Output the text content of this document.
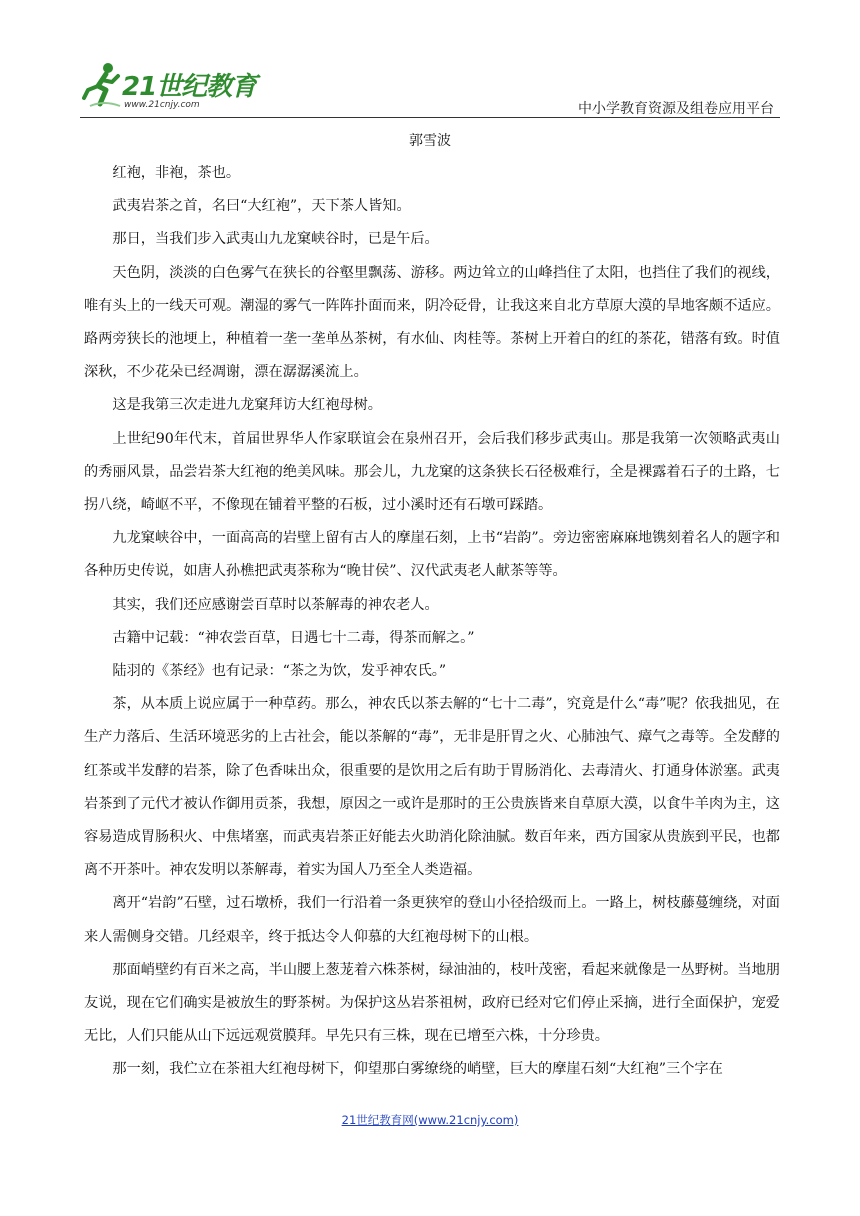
21世纪教育
www.21cnjy.com	中小学教育资源及组卷应用平台
郭雪波

红袍，非袍，茶也。

武夷岩茶之首，名曰“大红袍”，天下茶人皆知。

那日，当我们步入武夷山九龙窠峡谷时，已是午后。

天色阴，淡淡的白色雾气在狭长的谷壑里飘荡、游移。两边耸立的山峰挡住了太阳，也挡住了我们的视线，唯有头上的一线天可观。潮湿的雾气一阵阵扑面而来，阴冷砭骨，让我这来自北方草原大漠的旱地客颇不适应。路两旁狭长的池埂上，种植着一垄一垄单丛茶树，有水仙、肉桂等。茶树上开着白的红的茶花，错落有致。时值深秋，不少花朵已经凋谢，漂在潺潺溪流上。

这是我第三次走进九龙窠拜访大红袍母树。

上世纪90年代末，首届世界华人作家联谊会在泉州召开，会后我们移步武夷山。那是我第一次领略武夷山的秀丽风景，品尝岩茶大红袍的绝美风味。那会儿，九龙窠的这条狭长石径极难行，全是裸露着石子的土路，七拐八绕，崎岖不平，不像现在铺着平整的石板，过小溪时还有石墩可踩踏。

九龙窠峡谷中，一面高高的岩壁上留有古人的摩崖石刻，上书“岩韵”。旁边密密麻麻地镌刻着名人的题字和各种历史传说，如唐人孙樵把武夷茶称为“晚甘侯”、汉代武夷老人献茶等等。

其实，我们还应感谢尝百草时以茶解毒的神农老人。

古籍中记载：“神农尝百草，日遇七十二毒，得茶而解之。”

陆羽的《茶经》也有记录：“茶之为饮，发乎神农氏。”

茶，从本质上说应属于一种草药。那么，神农氏以茶去解的“七十二毒”，究竟是什么“毒”呢？依我拙见，在生产力落后、生活环境恶劣的上古社会，能以茶解的“毒”，无非是肝胃之火、心肺浊气、瘴气之毒等。全发酵的红茶或半发酵的岩茶，除了色香味出众，很重要的是饮用之后有助于胃肠消化、去毒清火、打通身体淤塞。武夷岩茶到了元代才被认作御用贡茶，我想，原因之一或许是那时的王公贵族皆来自草原大漠，以食牛羊肉为主，这容易造成胃肠积火、中焦堵塞，而武夷岩茶正好能去火助消化除油腻。数百年来，西方国家从贵族到平民，也都离不开茶叶。神农发明以茶解毒，着实为国人乃至全人类造福。

离开“岩韵”石壁，过石墩桥，我们一行沿着一条更狭窄的登山小径拾级而上。一路上，树枝藤蔓缠绕，对面来人需侧身交错。几经艰辛，终于抵达令人仰慕的大红袍母树下的山根。

那面峭壁约有百米之高，半山腰上葱茏着六株茶树，绿油油的，枝叶茂密，看起来就像是一丛野树。当地朋友说，现在它们确实是被放生的野茶树。为保护这丛岩茶祖树，政府已经对它们停止采摘，进行全面保护，宠爱无比，人们只能从山下远远观赏膜拜。早先只有三株，现在已增至六株，十分珍贵。

那一刻，我伫立在茶祖大红袍母树下，仰望那白雾缭绕的峭壁，巨大的摩崖石刻“大红袍”三个字在

21世纪教育网(www.21cnjy.com)
